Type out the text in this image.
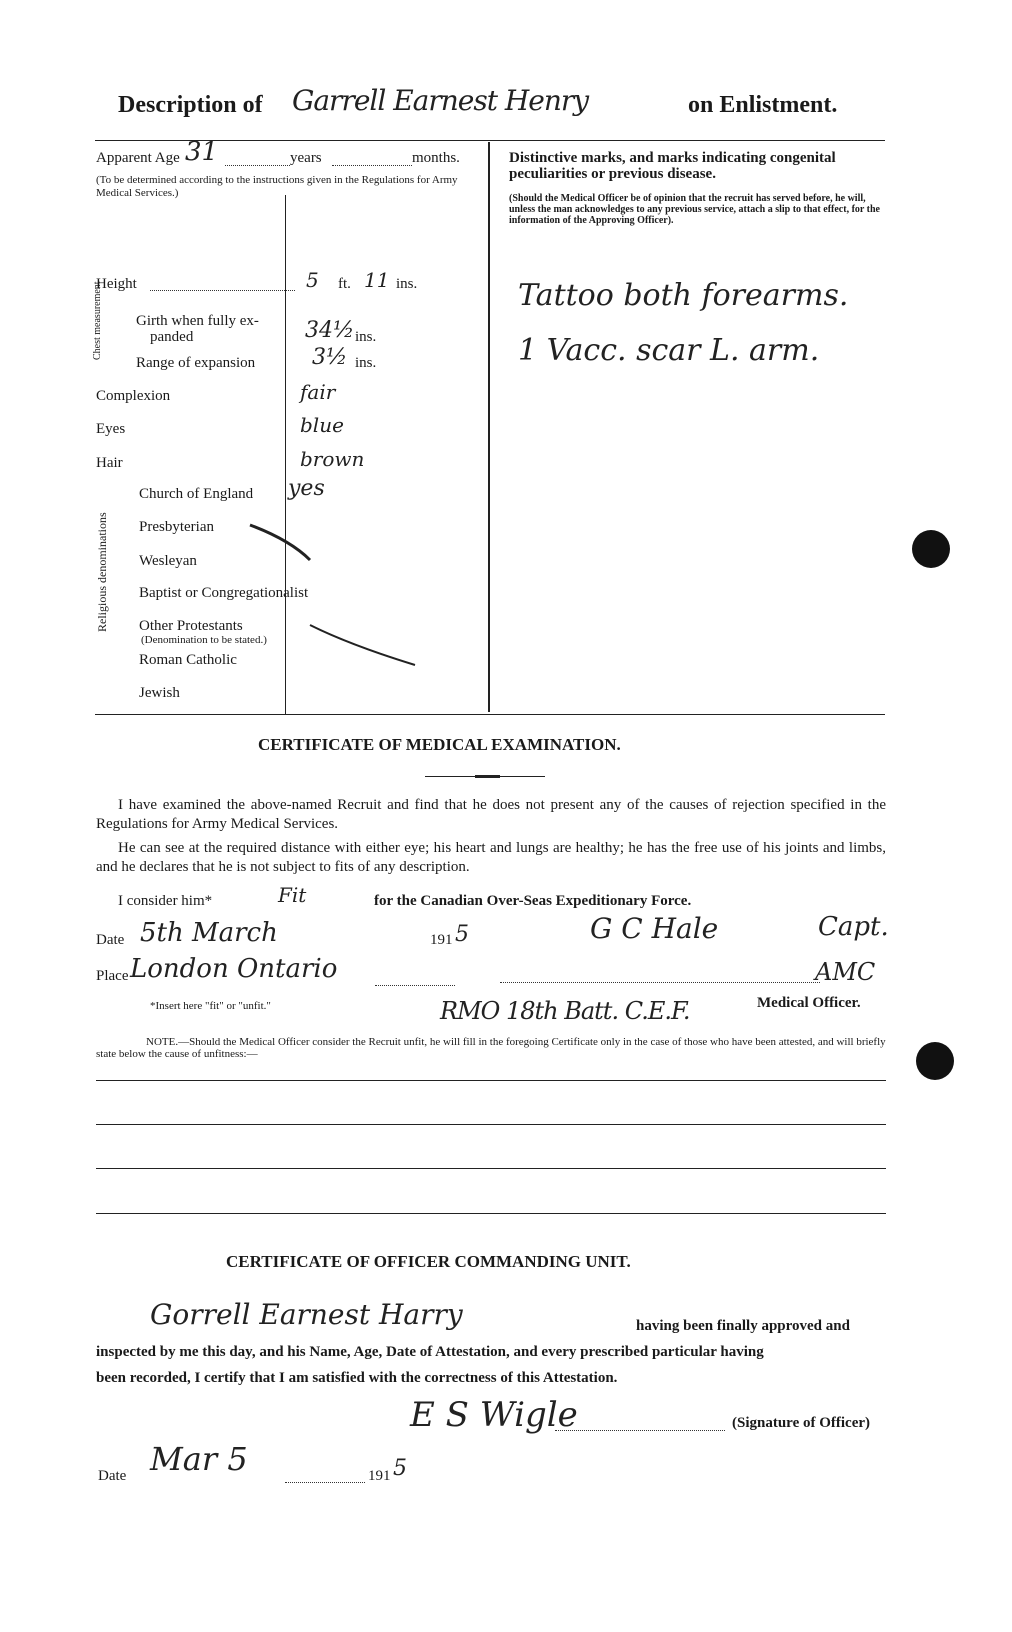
Description of Garrell Earnest Henry	on Enlistment.
Apparent Age 31	years	months.
(To be determined according to the instructions given in the Regulations for Army Medical Services.)
Height	5 ft. 11 ins.
Chest measurement Girth when fully ex-
panded	34½ ins.
Range of expansion	3½ ins.
Complexion	fair
Eyes	blue
Hair	brown
Religious denominations
Church of England yes
Presbyterian
Wesleyan
Baptist or Congregationalist
Other Protestants
(Denomination to be stated.)
Roman Catholic
Jewish
Distinctive marks, and marks indicating congenital peculiarities or previous disease.
(Should the Medical Officer be of opinion that the recruit has served before, he will, unless the man acknowledges to any previous service, attach a slip to that effect, for the information of the Approving Officer).
Tattoo both forearms.
1 Vacc. scar L. arm.
CERTIFICATE OF MEDICAL EXAMINATION.
I have examined the above-named Recruit and find that he does not present any of the causes of rejection specified in the Regulations for Army Medical Services.
He can see at the required distance with either eye; his heart and lungs are healthy; he has the free use of his joints and limbs, and he declares that he is not subject to fits of any description.
I consider him*	Fit	for the Canadian Over-Seas Expeditionary Force.
Date 5th March	191 5	G C Hale	Capt.
Place London Ontario	AMC
*Insert here "fit" or "unfit."	Medical Officer.
RMO 18th Batt. C.E.F.
NOTE.—Should the Medical Officer consider the Recruit unfit, he will fill in the foregoing Certificate only in the case of those who have been attested, and will briefly state below the cause of unfitness:—
CERTIFICATE OF OFFICER COMMANDING UNIT.
Gorrell Earnest Harry	having been finally approved and
inspected by me this day, and his Name, Age, Date of Attestation, and every prescribed particular having
been recorded, I certify that I am satisfied with the correctness of this Attestation.
E S Wigle	(Signature of Officer)
Date Mar 5	191 5
